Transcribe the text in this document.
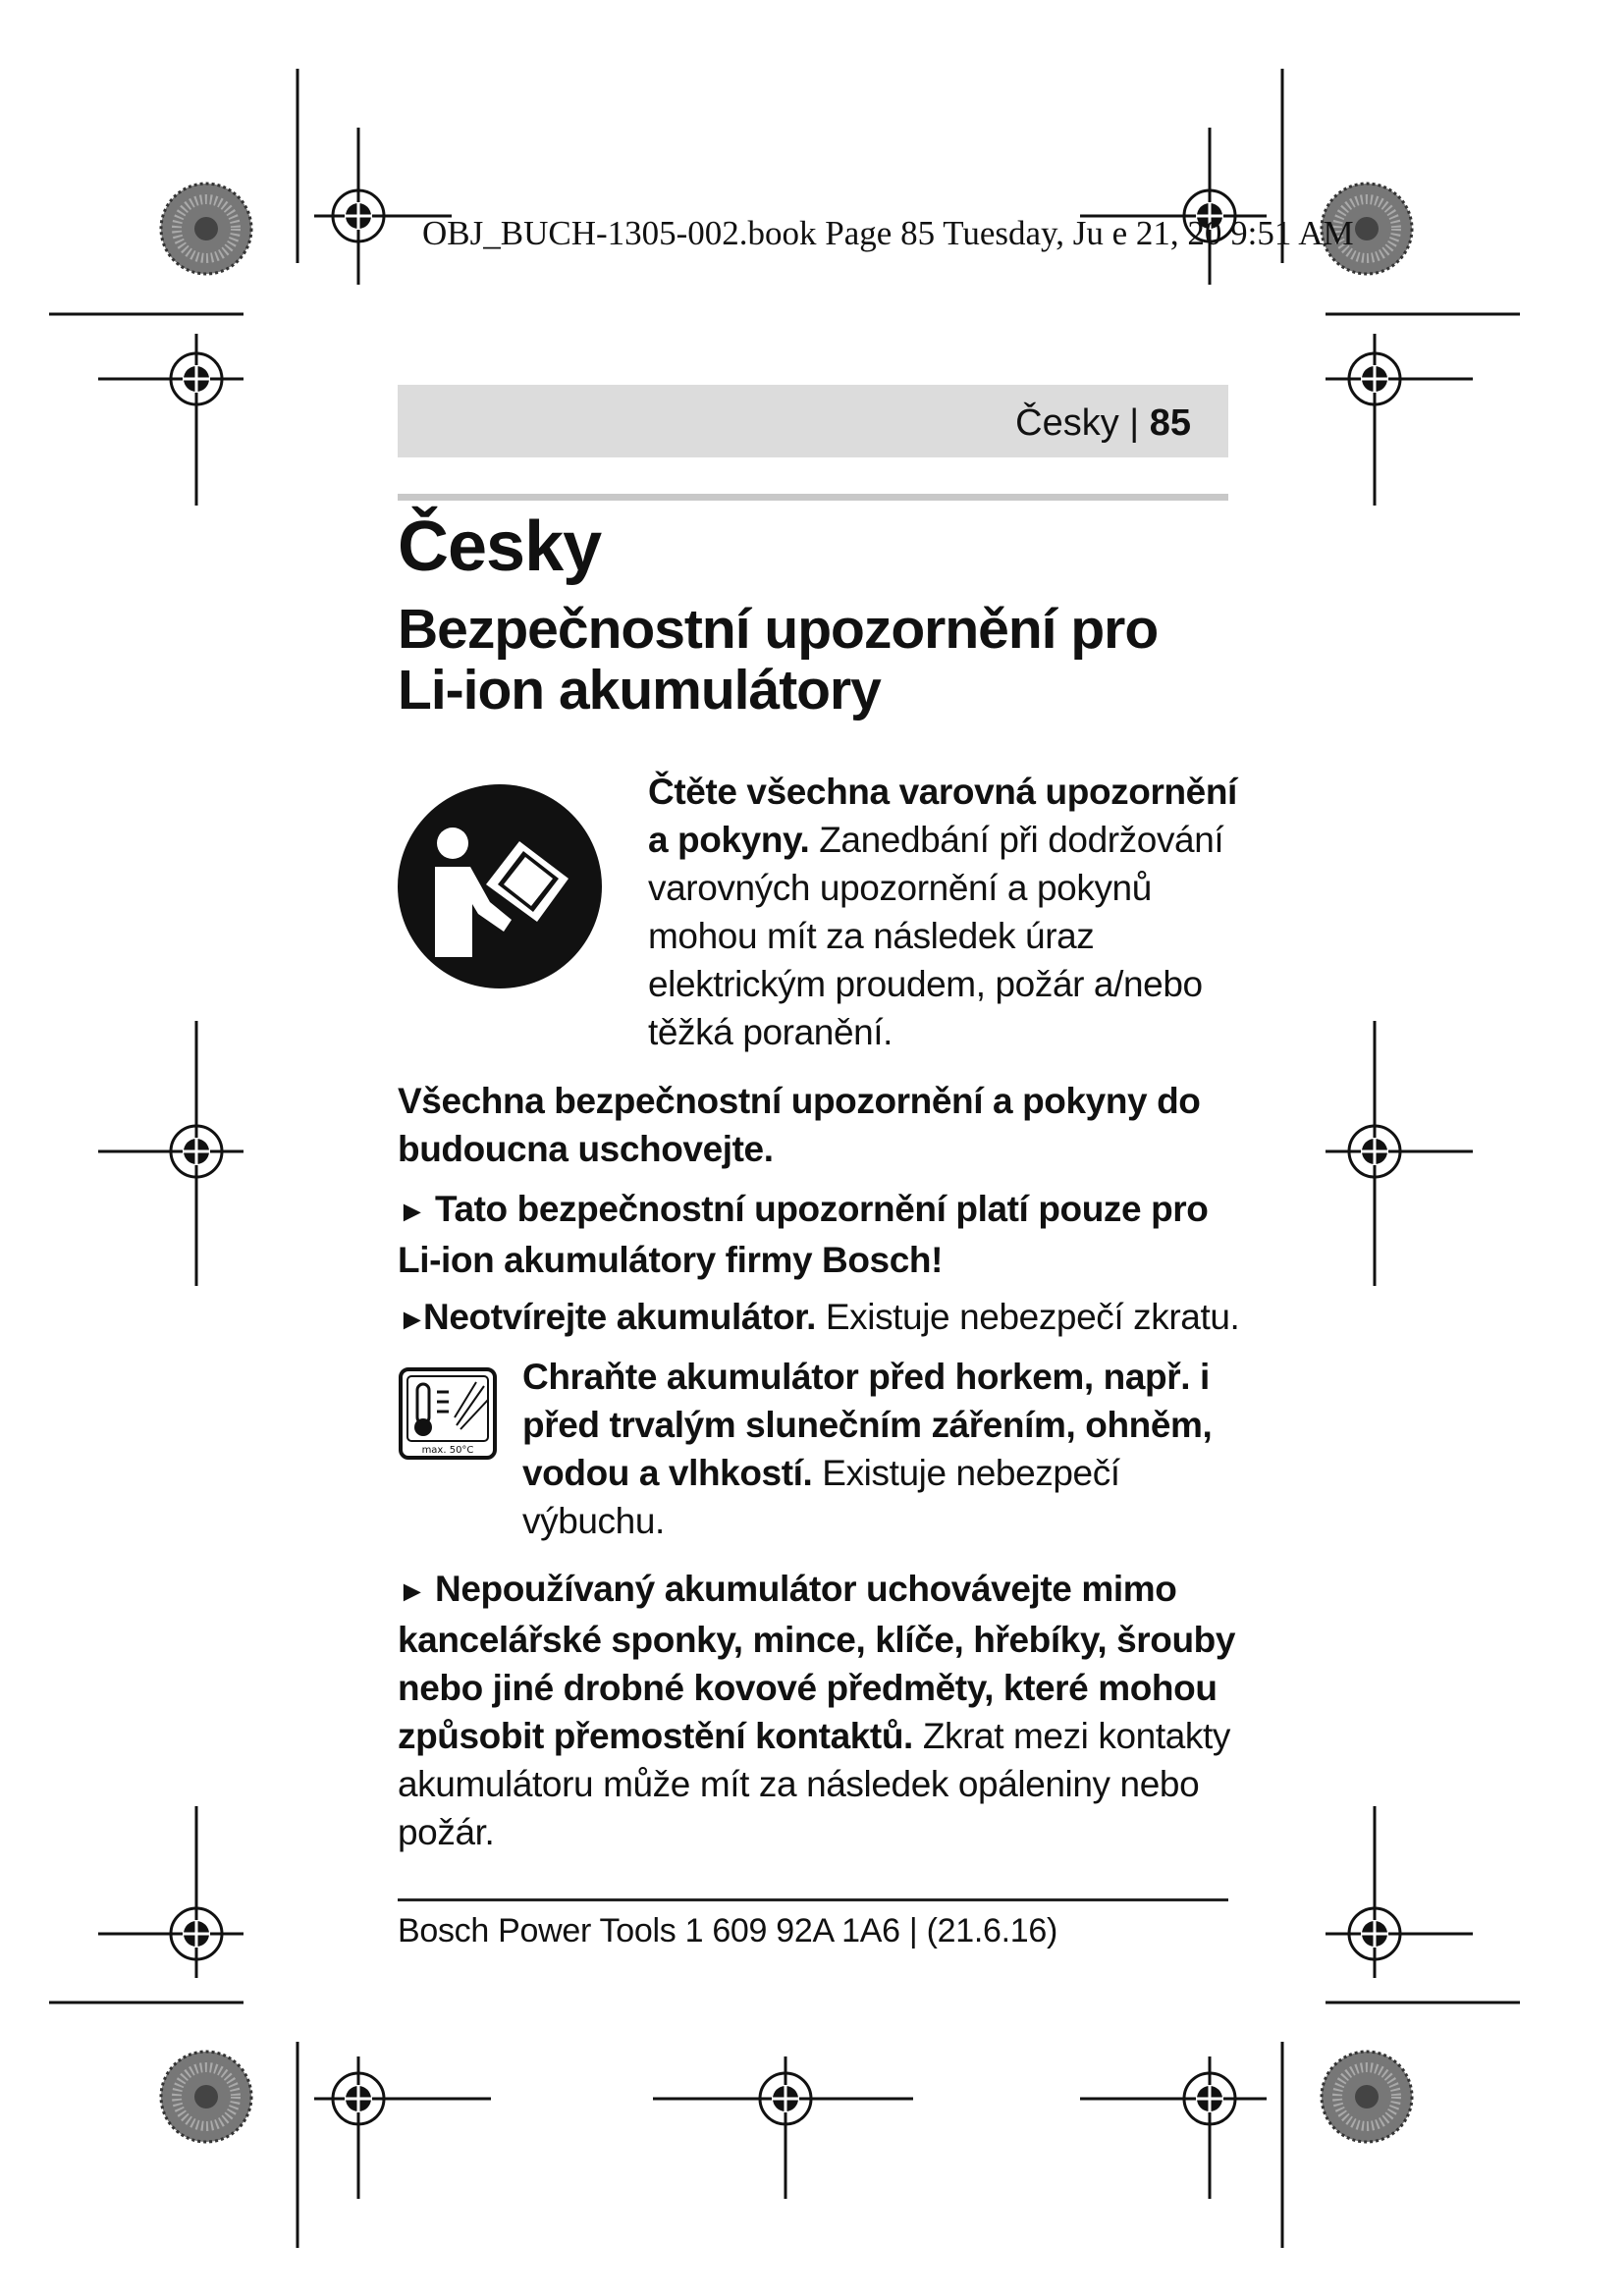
OBJ_BUCH-1305-002.book Page 85 Tuesday, Ju e 21, 20 9:51 AM
Česky | 85
Česky
Bezpečnostní upozornění pro
Li-ion akumulátory
Čtěte všechna varovná upozornění a pokyny. Zanedbání při dodržování varovných upozornění a pokynů mohou mít za následek úraz elektrickým proudem, požár a/nebo těžká poranění.
Všechna bezpečnostní upozornění a pokyny do budoucna uschovejte.
► Tato bezpečnostní upozornění platí pouze pro Li-ion akumulátory firmy Bosch!
►Neotvírejte akumulátor. Existuje nebezpečí zkratu.
max. 50°C
Chraňte akumulátor před horkem, např. i před trvalým slunečním zářením, ohněm, vodou a vlhkostí. Existuje nebezpečí výbuchu.
► Nepoužívaný akumulátor uchovávejte mimo kancelářské sponky, mince, klíče, hřebíky, šrouby nebo jiné drobné kovové předměty, které mohou způsobit přemostění kontaktů. Zkrat mezi kontakty akumulátoru může mít za následek opáleniny nebo požár.
Bosch Power Tools 1 609 92A 1A6 | (21.6.16)
